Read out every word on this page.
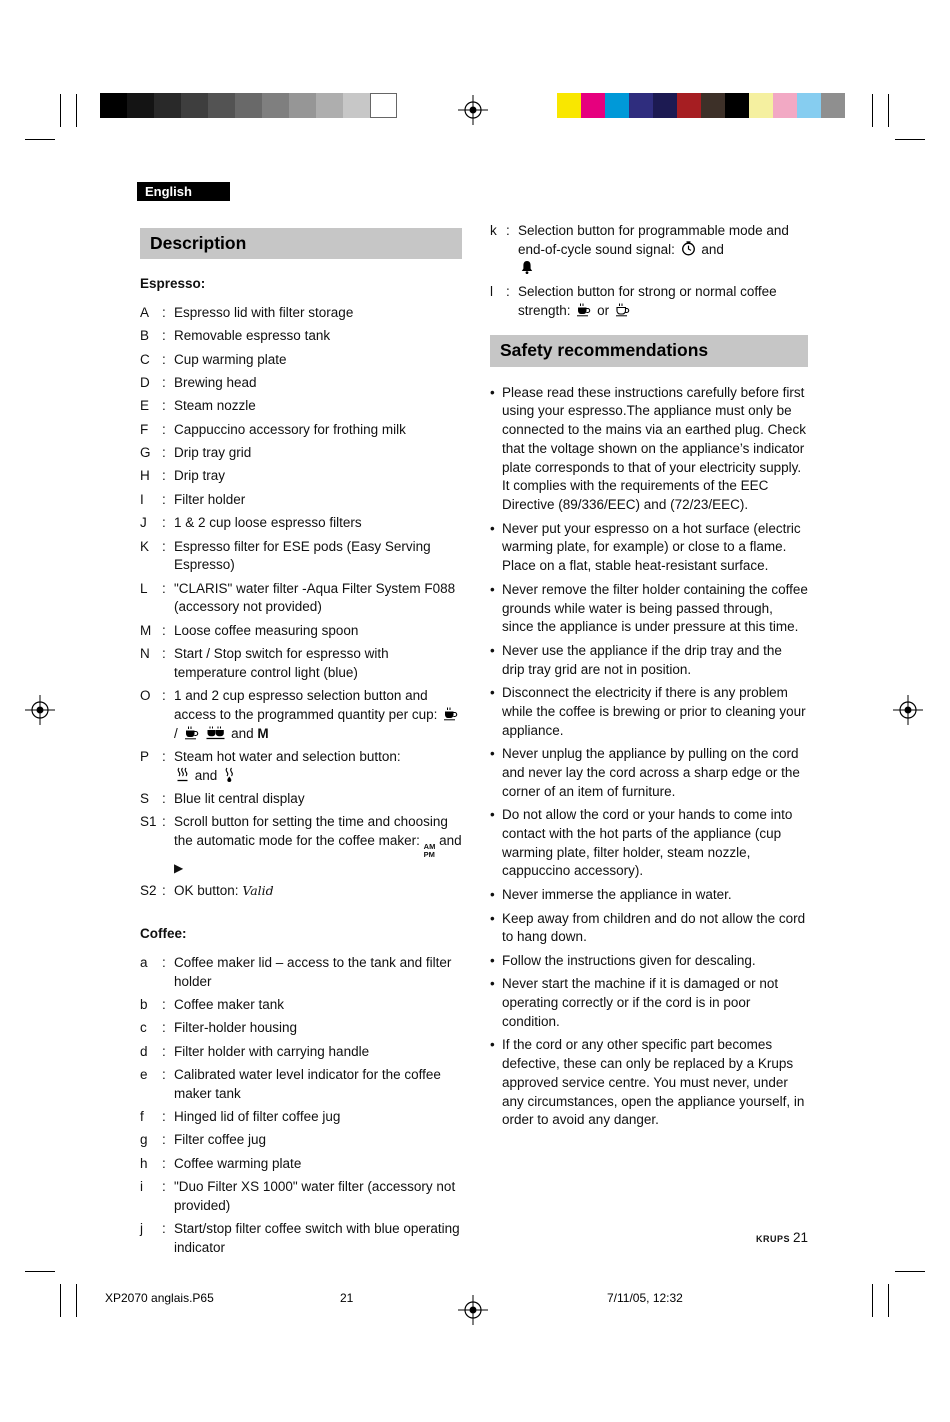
English
Description
Espresso:
A : Espresso lid with filter storage
B : Removable espresso tank
C : Cup warming plate
D : Brewing head
E : Steam nozzle
F	: Cappuccino accessory for frothing milk
G : Drip tray grid
H : Drip tray
I	: Filter holder
J	: 1 & 2 cup loose espresso filters
K : Espresso filter for ESE pods (Easy Serving Espresso)
L	: "CLARIS" water filter -Aqua Filter System F088 (accessory not provided)
M : Loose coffee measuring spoon
N : Start / Stop switch for espresso with temperature control light (blue)
O : 1 and 2 cup espresso selection button and access to the programmed quantity per cup: /	and M
P : Steam hot water and selection button:
and
S : Blue lit central display
S1 : Scroll button for setting the time and choosing the automatic mode for the coffee maker: AM
PM
and ▶
S2 : OK button: Valid
Coffee:
a	: Coffee maker lid – access to the tank and filter holder
b	: Coffee maker tank
c	: Filter-holder housing
d	: Filter holder with carrying handle
e	: Calibrated water level indicator for the coffee maker tank
f	: Hinged lid of filter coffee jug
g	: Filter coffee jug
h	: Coffee warming plate
i	: "Duo Filter XS 1000" water filter (accessory not provided)
j	: Start/stop filter coffee switch with blue operating indicator
k : Selection button for programmable mode and end-of-cycle sound signal: and

l : Selection button for strong or normal coffee strength: or
Safety recommendations
• Please read these instructions carefully before first using your espresso.The appliance must only be connected to the mains via an earthed plug. Check that the voltage shown on the appliance’s indicator plate corresponds to that of your electricity supply. It complies with the requirements of the EEC Directive (89/336/EEC) and (72/23/EEC).
• Never put your espresso on a hot surface (electric warming plate, for example) or close to a flame. Place on a flat, stable heat-resistant surface.
• Never remove the filter holder containing the coffee grounds while water is being passed through, since the appliance is under pressure at this time.
• Never use the appliance if the drip tray and the drip tray grid are not in position.
• Disconnect the electricity if there is any problem while the coffee is brewing or prior to cleaning your appliance.
• Never unplug the appliance by pulling on the cord and never lay the cord across a sharp edge or the corner of an item of furniture.
• Do not allow the cord or your hands to come into contact with the hot parts of the appliance (cup warming plate, filter holder, steam nozzle, cappuccino accessory).
• Never immerse the appliance in water.
• Keep away from children and do not allow the cord to hang down.
• Follow the instructions given for descaling.
• Never start the machine if it is damaged or not operating correctly or if the cord is in poor condition.
• If the cord or any other specific part becomes defective, these can only be replaced by a Krups approved service centre. You must never, under any circumstances, open the appliance yourself, in order to avoid any danger.
KRUPS 21
XP2070 anglais.P65	21	7/11/05, 12:32
